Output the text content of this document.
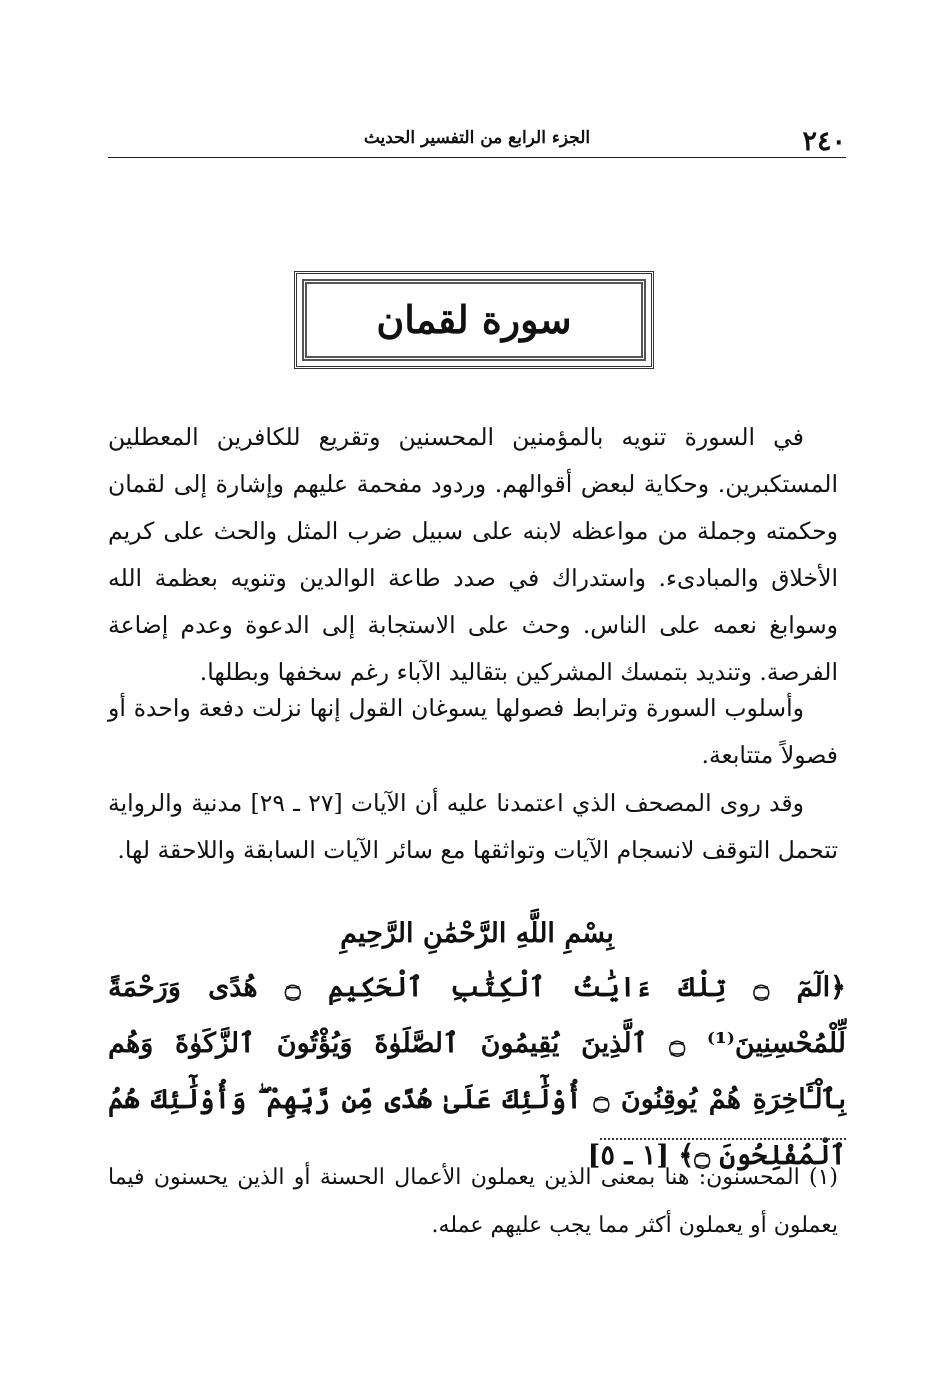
٢٤٠
الجزء الرابع من التفسير الحديث
سورة لقمان

في السورة تنويه بالمؤمنين المحسنين وتقريع للكافرين المعطلين المستكبرين. وحكاية لبعض أقوالهم. وردود مفحمة عليهم وإشارة إلى لقمان وحكمته وجملة من مواعظه لابنه على سبيل ضرب المثل والحث على كريم الأخلاق والمبادىء. واستدراك في صدد طاعة الوالدين وتنويه بعظمة الله وسوابغ نعمه على الناس. وحث على الاستجابة إلى الدعوة وعدم إضاعة الفرصة. وتنديد بتمسك المشركين بتقاليد الآباء رغم سخفها وبطلها.

وأسلوب السورة وترابط فصولها يسوغان القول إنها نزلت دفعة واحدة أو فصولاً متتابعة.

وقد روى المصحف الذي اعتمدنا عليه أن الآيات [٢٧ ـ ٢٩] مدنية والرواية تتحمل التوقف لانسجام الآيات وتواثقها مع سائر الآيات السابقة واللاحقة لها.

بِسْمِ اللَّهِ الرَّحْمَٰنِ الرَّحِيمِ
﴿الٓمٓ ۝ تِلْكَ ءَايَٰتُ ٱلْكِتَٰبِ ٱلْحَكِيمِ ۝ هُدًى وَرَحْمَةً لِّلْمُحْسِنِينَ⁽¹⁾ ۝ ٱلَّذِينَ يُقِيمُونَ ٱلصَّلَوٰةَ وَيُؤْتُونَ ٱلزَّكَوٰةَ وَهُم بِٱلْـَٔاخِرَةِ هُمْ يُوقِنُونَ ۝ أُوْلَٰٓئِكَ عَلَىٰ هُدًى مِّن رَّبِّهِمْ ۖ وَأُوْلَٰٓئِكَ هُمُ ٱلْمُفْلِحُونَ ۝﴾ [١ ـ ٥]

(١) المحسنون: هنا بمعنى الذين يعملون الأعمال الحسنة أو الذين يحسنون فيما يعملون أو يعملون أكثر مما يجب عليهم عمله.
